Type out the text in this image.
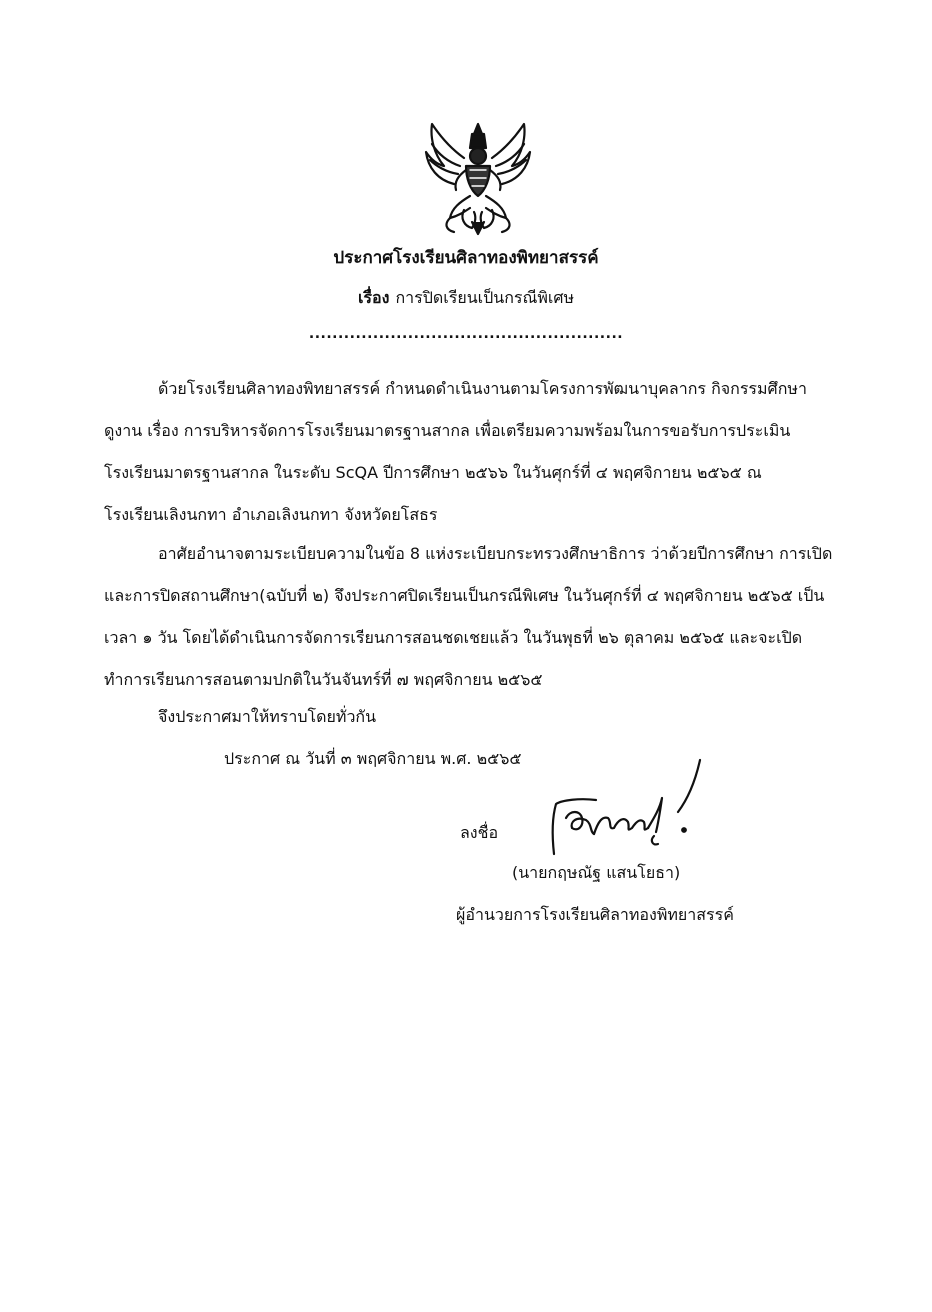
ประกาศโรงเรียนศิลาทองพิทยาสรรค์
เรื่อง การปิดเรียนเป็นกรณีพิเศษ
......................................................
ด้วยโรงเรียนศิลาทองพิทยาสรรค์ กำหนดดำเนินงานตามโครงการพัฒนาบุคลากร กิจกรรมศึกษา
ดูงาน เรื่อง การบริหารจัดการโรงเรียนมาตรฐานสากล เพื่อเตรียมความพร้อมในการขอรับการประเมิน
โรงเรียนมาตรฐานสากล ในระดับ ScQA ปีการศึกษา ๒๕๖๖ ในวันศุกร์ที่ ๔ พฤศจิกายน ๒๕๖๕ ณ
โรงเรียนเลิงนกทา อำเภอเลิงนกทา จังหวัดยโสธร
อาศัยอำนาจตามระเบียบความในข้อ 8 แห่งระเบียบกระทรวงศึกษาธิการ ว่าด้วยปีการศึกษา การเปิด
และการปิดสถานศึกษา(ฉบับที่ ๒) จึงประกาศปิดเรียนเป็นกรณีพิเศษ ในวันศุกร์ที่ ๔ พฤศจิกายน ๒๕๖๕ เป็น
เวลา ๑ วัน โดยได้ดำเนินการจัดการเรียนการสอนชดเชยแล้ว ในวันพุธที่ ๒๖ ตุลาคม ๒๕๖๕ และจะเปิด
ทำการเรียนการสอนตามปกติในวันจันทร์ที่ ๗ พฤศจิกายน ๒๕๖๕
จึงประกาศมาให้ทราบโดยทั่วกัน
ประกาศ ณ วันที่ ๓ พฤศจิกายน พ.ศ. ๒๕๖๕
ลงชื่อ
(นายกฤษณัฐ แสนโยธา)
ผู้อำนวยการโรงเรียนศิลาทองพิทยาสรรค์
